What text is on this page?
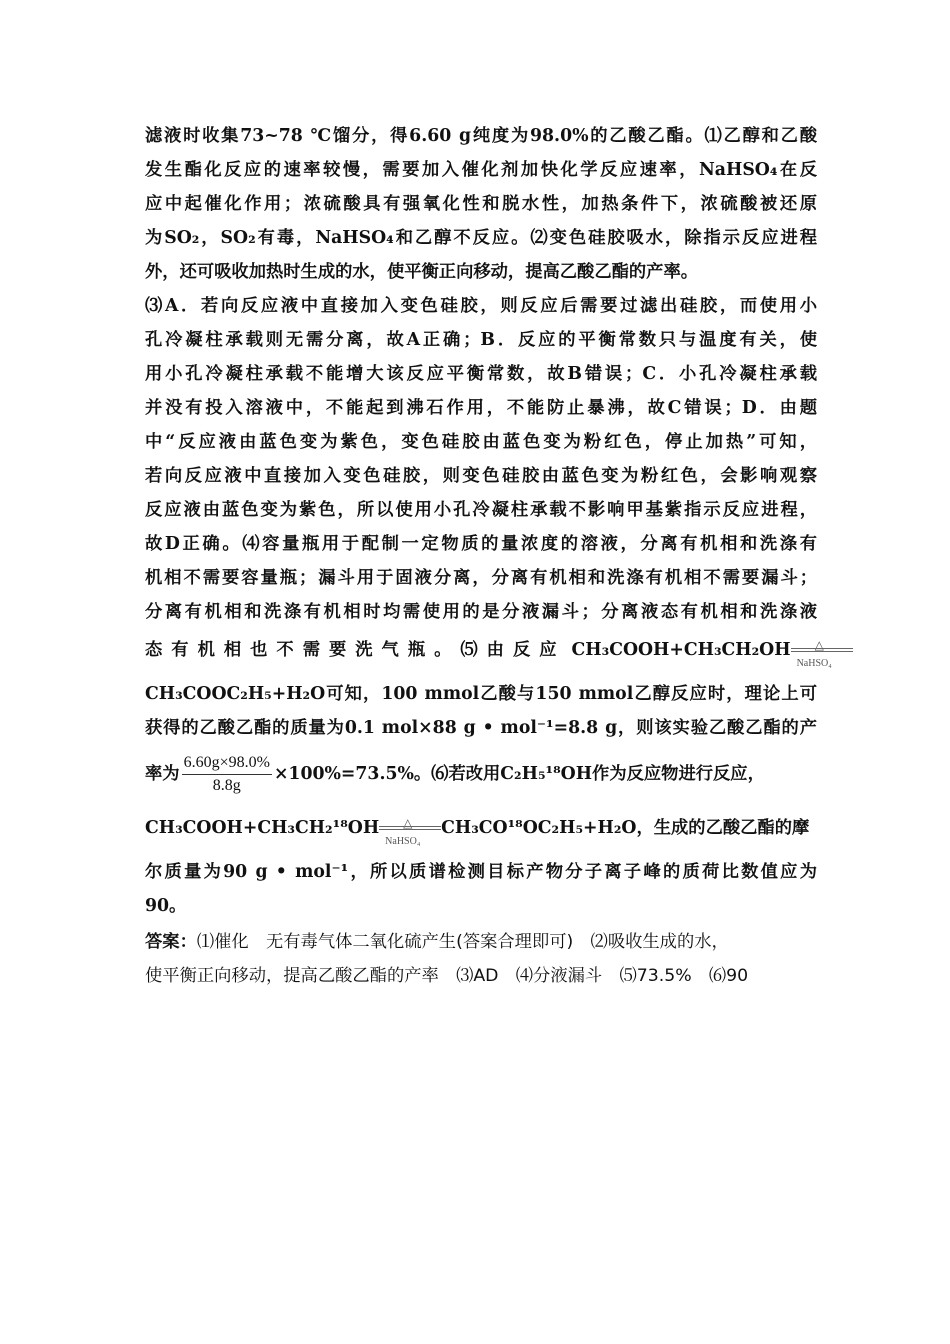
滤液时收集73~78 ℃馏分，得6.60 g纯度为98.0%的乙酸乙酯。⑴乙醇和乙酸
发生酯化反应的速率较慢，需要加入催化剂加快化学反应速率，NaHSO₄在反
应中起催化作用；浓硫酸具有强氧化性和脱水性，加热条件下，浓硫酸被还原
为SO₂，SO₂有毒，NaHSO₄和乙醇不反应。⑵变色硅胶吸水，除指示反应进程
外，还可吸收加热时生成的水，使平衡正向移动，提高乙酸乙酯的产率。
⑶A．若向反应液中直接加入变色硅胶，则反应后需要过滤出硅胶，而使用小
孔冷凝柱承载则无需分离，故A正确；B．反应的平衡常数只与温度有关，使
用小孔冷凝柱承载不能增大该反应平衡常数，故B错误；C．小孔冷凝柱承载
并没有投入溶液中，不能起到沸石作用，不能防止暴沸，故C错误；D．由题
中“反应液由蓝色变为紫色，变色硅胶由蓝色变为粉红色，停止加热”可知，
若向反应液中直接加入变色硅胶，则变色硅胶由蓝色变为粉红色，会影响观察
反应液由蓝色变为紫色，所以使用小孔冷凝柱承载不影响甲基紫指示反应进程，
故D正确。⑷容量瓶用于配制一定物质的量浓度的溶液，分离有机相和洗涤有
机相不需要容量瓶；漏斗用于固液分离，分离有机相和洗涤有机相不需要漏斗；
分离有机相和洗涤有机相时均需使用的是分液漏斗；分离液态有机相和洗涤液
态有机相也不需要洗气瓶。⑸由反应 CH₃COOH+CH₃CH₂OH △
NaHSO₄
CH₃COOC₂H₅+H₂O可知，100 mmol乙酸与150 mmol乙醇反应时，理论上可
获得的乙酸乙酯的质量为0.1 mol×88 g • mol⁻¹=8.8 g，则该实验乙酸乙酯的产
率为 $\frac{6.60g\times 98.0\%}{8.8g} \times 100\%=73.5\%$。⑹若改用C₂H₅¹⁸OH作为反应物进行反应，
CH₃COOH+CH₃CH₂¹⁸OH △
NaHSO₄
CH₃CO¹⁸OC₂H₅+H₂O，生成的乙酸乙酯的摩
尔质量为90 g • mol⁻¹，所以质谱检测目标产物分子离子峰的质荷比数值应为
90。
答案：⑴催化　无有毒气体二氧化硫产生(答案合理即可)　⑵吸收生成的水，
使平衡正向移动，提高乙酸乙酯的产率　⑶AD　⑷分液漏斗　⑸73.5%　⑹90
